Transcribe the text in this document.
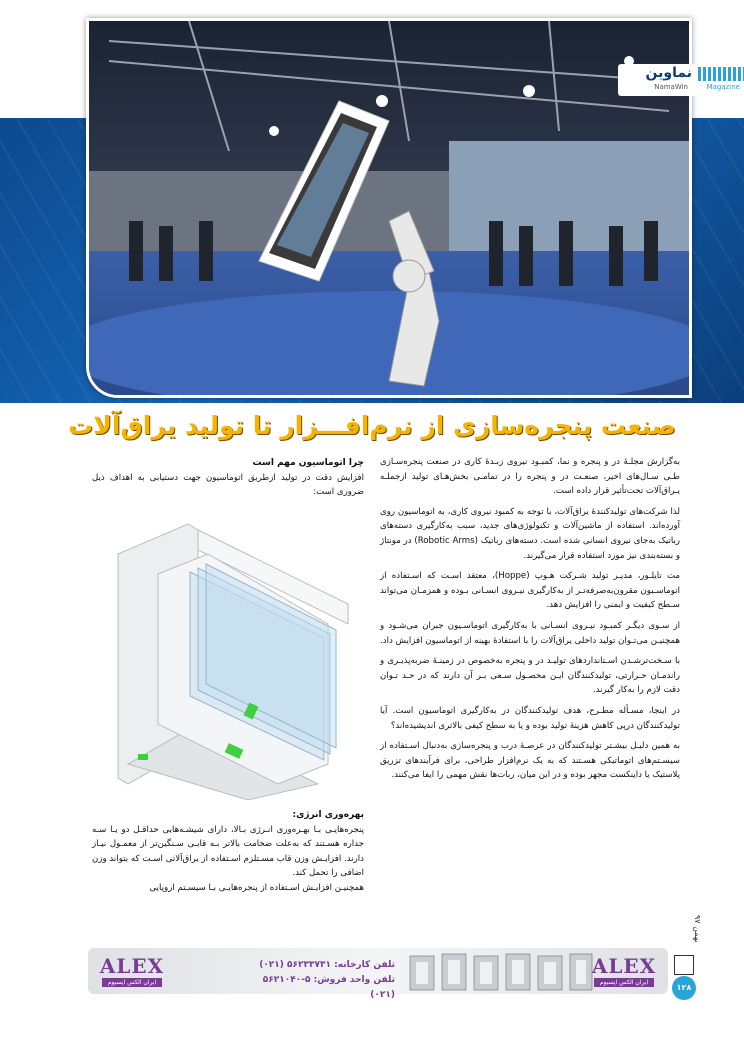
نماوین
NamaWin	Magazine
صنعت پنجره‌سازی از نرم‌افـــزار تا تولید یراق‌آلات

به‌گزارش مجلـۀ در و پنجره و نما، کمبـود نیروی زبـدۀ کاری در صنعت پنجره‌سـازی طـی سـال‌های اخیر، صنعـت در و پنجره را در تمامـی بخش‌هـای تولید ازجملـه یـراق‌آلات تحت‌تأثیر قرار داده است.

لذا شرکت‌های تولیدکنندۀ یراق‌آلات، با توجه به کمبود نیروی کاری، به اتوماسیون روی آورده‌اند. استفاده از ماشین‌آلات و تکنولوژی‌های جدید، سبب به‌کارگیری دسته‌های رباتیک به‌جای نیروی انسانی شده است. دسته‌های رباتیک (Robotic Arms) در مونتاژ و بسته‌بندی نیز مورد استفاده قرار می‌گیرند.

مت تایلـور، مدیـر تولید شـرکت هـوپ (Hoppe)، معتقد اسـت که اسـتفاده از اتوماسـیون مقرون‌به‌صرفه‌تـر از به‌کارگیری نیـروی انسـانی بـوده و همزمـان می‌تواند سـطح کیفیت و ایمنی را افزایش دهد.

از سـوی دیگـر کمبـود نیـروی انسـانی با به‌کارگیری اتوماسـیون جبران می‌شـود و همچنیـن می‌تـوان تولید داخلی یراق‌آلات را با استفادۀ بهینه از اتوماسیون افزایش داد.

با سـخت‌ترشـدن اسـتانداردهای تولیـد در و پنجره به‌خصوص در زمینـۀ ضربه‌پذیـری و راندمـان حـرارتی، تولیدکنندگان ایـن محصـول سـعی بـر آن دارند که در حـد تـوان دقت لازم را به‌کار گیرند.

در اینجا، مسـأله مطـرح، هدف تولیدکنندگان در به‌کارگیری اتوماسیون است. آیا تولیدکنندگان درپی کاهش هزینۀ تولید بوده و یا به سطح کیفی بالاتری اندیشیده‌اند؟

به همین دلیـل بیشـتر تولیدکنندگان در عرصـۀ درب و پنجره‌سازی به‌دنبال اسـتفاده از سیسـتم‌های اتوماتیکی هسـتند که به یک نرم‌افزار طراحی، برای فرآیندهای تزریق پلاستیک یا داینکست مجهز بوده و در این میان، ربات‌ها نقش مهمی را ایفا می‌کنند.

چرا اتوماسیون مهم است

افزایش دقت در تولید ازطریق اتوماسیون جهت دستیابی به اهداف ذیل ضروری است:

بهره‌وری انرژی:

پنجره‌هایـی بـا بهـره‌وری انـرژی بـالا، دارای شیشـه‌هایی حداقـل دو یـا سـه جداره هسـتند که به‌علت ضخامت بالاتر بـه قابـی سـنگین‌تر از معمـول نیـاز دارند. افزایـش وزن قاب مسـتلزم اسـتفاده از یراق‌آلاتی اسـت که بتواند وزن اضافی را تحمل کند.

همچنیـن افزایـش اسـتفاده از پنجره‌هایـی بـا سیسـتم اروپایی

ALEX
ایران الکس اپسیوم
تلفن کارخانه: ۵۶۲۳۳۷۳۱ (۰۲۱)
تلفن واحد فروش: ۵-۵۶۲۱۰۴۰ (۰۲۱)
ALEX
ایران الکس اپسیوم
بهمن ۹۷
۱۲۸
